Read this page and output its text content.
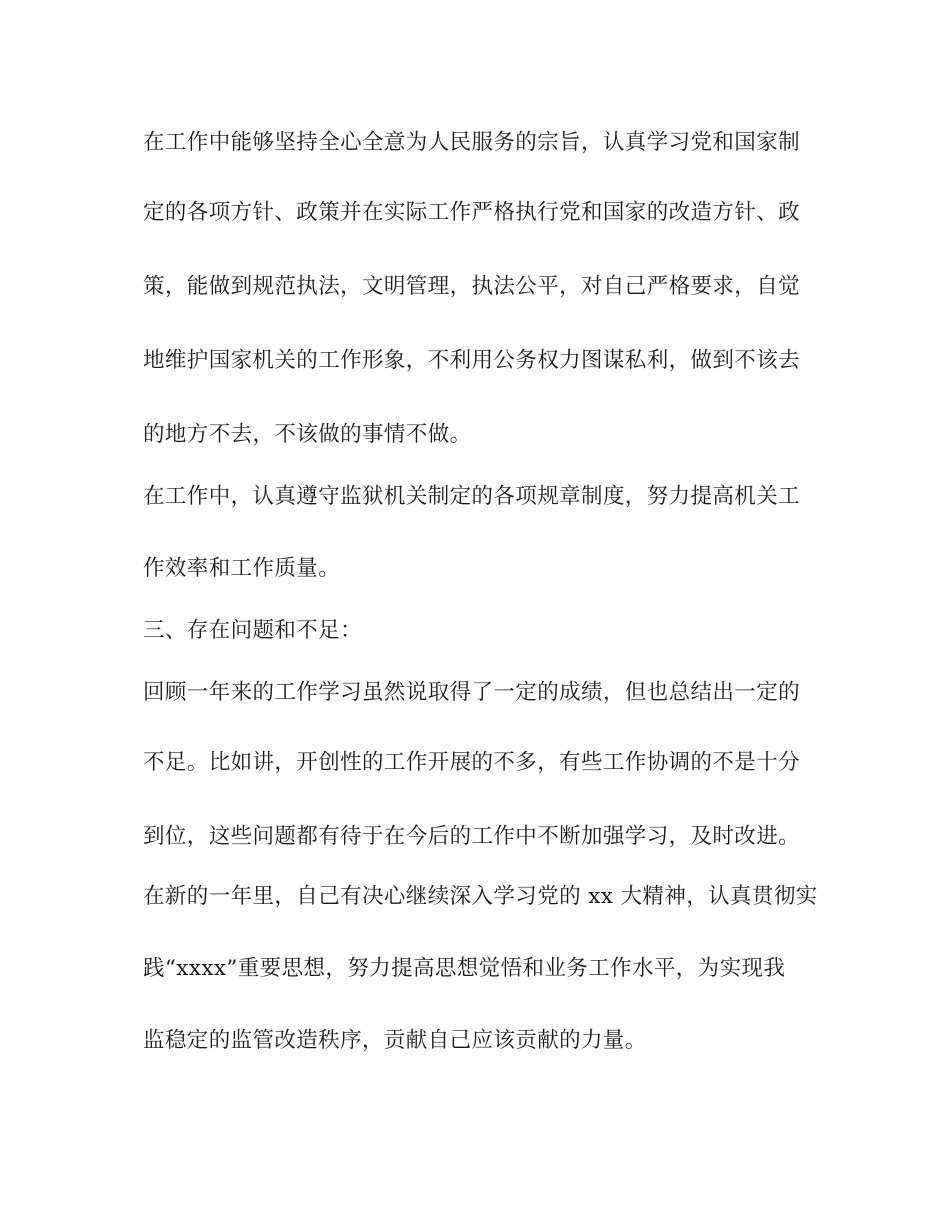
在工作中能够坚持全心全意为人民服务的宗旨，认真学习党和国家制
定的各项方针、政策并在实际工作严格执行党和国家的改造方针、政
策，能做到规范执法，文明管理，执法公平，对自己严格要求，自觉
地维护国家机关的工作形象，不利用公务权力图谋私利，做到不该去
的地方不去，不该做的事情不做。
在工作中，认真遵守监狱机关制定的各项规章制度，努力提高机关工
作效率和工作质量。
三、存在问题和不足：
回顾一年来的工作学习虽然说取得了一定的成绩，但也总结出一定的
不足。比如讲，开创性的工作开展的不多，有些工作协调的不是十分
到位，这些问题都有待于在今后的工作中不断加强学习，及时改进。
在新的一年里，自己有决心继续深入学习党的 xx 大精神，认真贯彻实
践“xxxx”重要思想，努力提高思想觉悟和业务工作水平，为实现我
监稳定的监管改造秩序，贡献自己应该贡献的力量。
